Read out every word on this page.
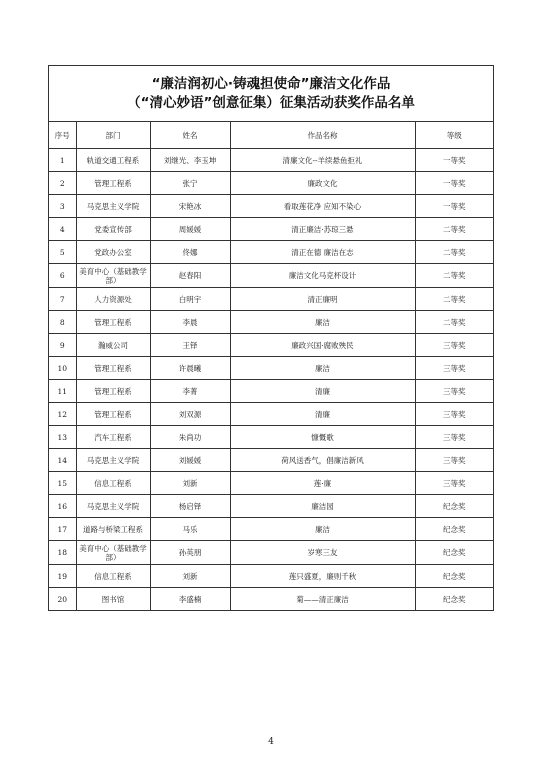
“廉洁润初心·铸魂担使命”廉洁文化作品
（“清心妙语”创意征集）征集活动获奖作品名单
序号	部门	姓名	作品名称	等级
1	轨道交通工程系	刘继光、李玉坤	清廉文化--羊续悬鱼拒礼	一等奖
2	管理工程系	张宁	廉政文化	一等奖
3	马克思主义学院	宋艳冰	看取莲花净 应知不染心	一等奖
4	党委宣传部	周媛媛	清正廉洁·苏琼三悬	二等奖
5	党政办公室	佟娜	清正在德 廉洁在志	二等奖
6	美育中心（基础教学部）	赵春阳	廉洁文化马克杯设计	二等奖
7	人力资源处	白明宇	清正廉明	二等奖
8	管理工程系	李晨	廉洁	二等奖
9	瀚威公司	王铎	廉政兴国·腐败殃民	三等奖
10	管理工程系	许晨曦	廉洁	三等奖
11	管理工程系	李菁	清廉	三等奖
12	管理工程系	刘双源	清廉	三等奖
13	汽车工程系	朱尚功	慷慨歌	三等奖
14	马克思主义学院	刘媛媛	荷风送香气，倡廉洁新风	三等奖
15	信息工程系	刘新	莲·廉	三等奖
16	马克思主义学院	杨启铎	廉洁园	纪念奖
17	道路与桥梁工程系	马乐	廉洁	纪念奖
18	美育中心（基础教学部）	孙英朋	岁寒三友	纪念奖
19	信息工程系	刘新	莲只盛夏，廉则千秋	纪念奖
20	图书馆	李盛楠	菊——清正廉洁	纪念奖
4
